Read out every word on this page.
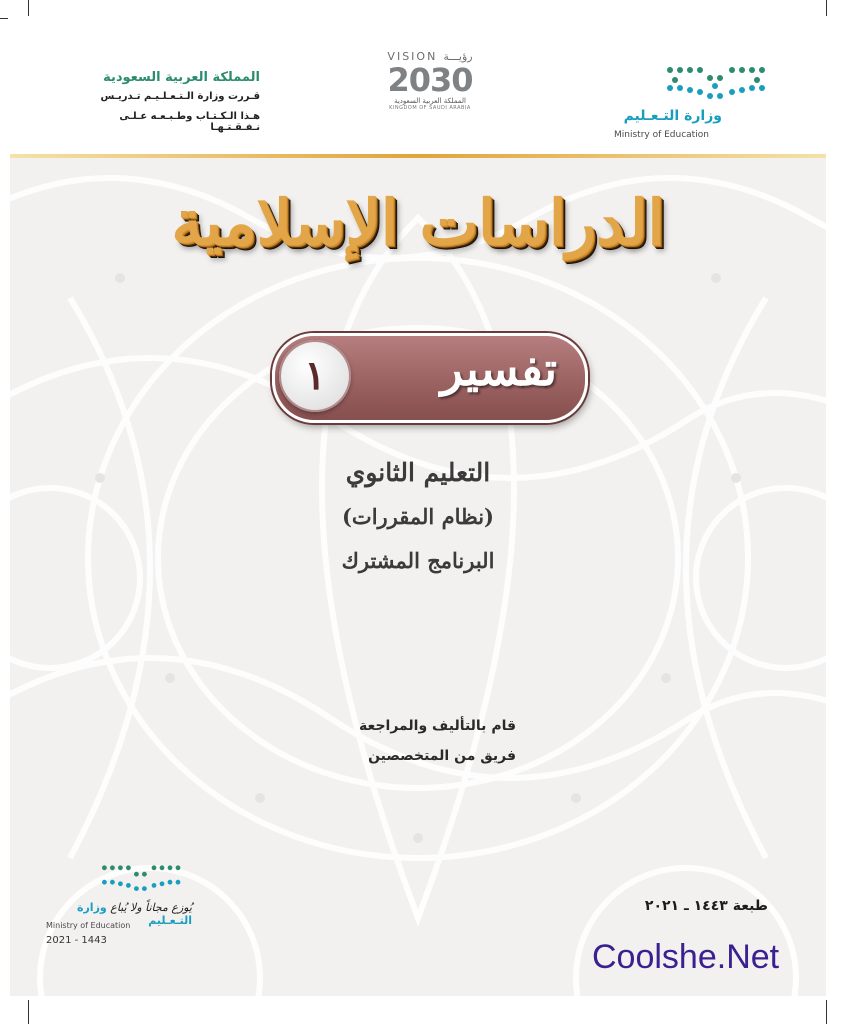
المملكة العربية السعودية
قـررت وزارة الـتـعـلـيـم تـدريـس
هـذا الـكـتـاب وطـبـعـه عـلـى نـفـقـتـهـا
VISION رؤيـــة
2030
المملكة العربية السعودية
KINGDOM OF SAUDI ARABIA	وزارة التـعـليم
Ministry of Education
الدراسات الإسلامية
تفسير
١
التعليم الثانوي
(نظام المقررات)
البرنامج المشترك
قام بالتأليف والمراجعة
فريق من المتخصصين
طبعة ١٤٤٣ ـ ٢٠٢١
يُوزع مجاناً ولا يُباع وزارة التـعـليم
Ministry of Education
2021 - 1443	Coolshe.Net
